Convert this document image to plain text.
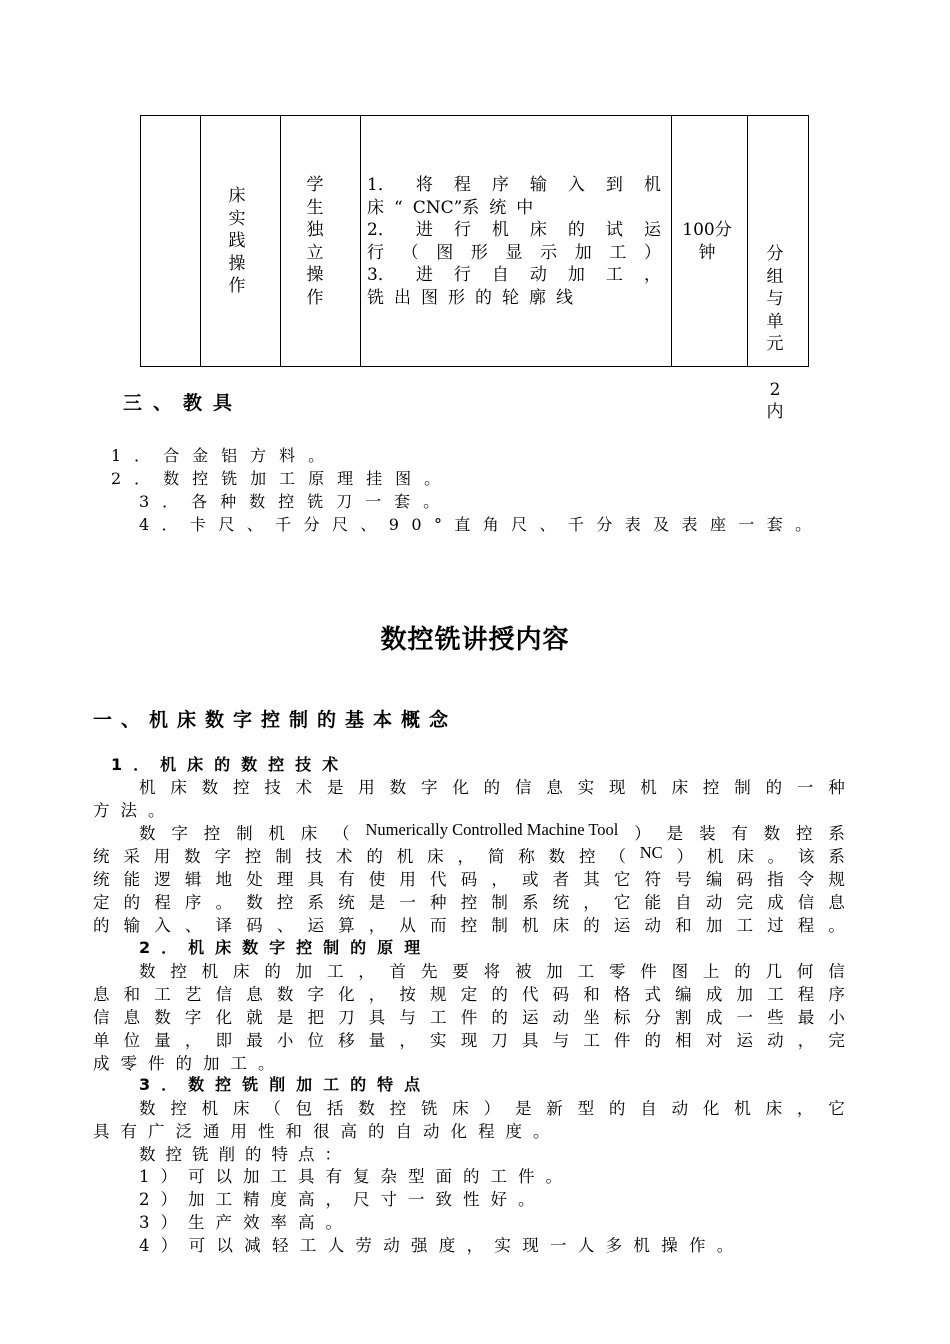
床
实
践
操
作
学
生
独
立
操
作
1． 将 程 序 输 入 到 机
床 “ CNC”系 统 中
2． 进 行 机 床 的 试 运
行 （ 图 形 显 示 加 工 ）
3． 进 行 自 动 加 工 ，
铣 出 图 形 的 轮 廓 线
100分
钟	分
组
与
单
元

2
内
三、教具
1．合金铝方料。
2．数控铣加工原理挂图。
3．各种数控铣刀一套。
4．卡尺、千分尺、90°直角尺、千分表及表座一套。
数控铣讲授内容
一、机床数字控制的基本概念
1．机床的数控技术
机 床 数 控 技 术 是 用 数 字 化 的 信 息 实 现 机 床 控 制 的 一 种
方法。
数 字 控 制 机 床 （ Numerically Controlled Machine Tool ） 是 装 有 数 控 系
统 采 用 数 字 控 制 技 术 的 机 床 ， 简 称 数 控 （ NC ） 机 床 。 该 系
统 能 逻 辑 地 处 理 具 有 使 用 代 码 ， 或 者 其 它 符 号 编 码 指 令 规
定 的 程 序 。 数 控 系 统 是 一 种 控 制 系 统 ， 它 能 自 动 完 成 信 息
的 输 入 、 译 码 、 运 算 ， 从 而 控 制 机 床 的 运 动 和 加 工 过 程 。
2．机床数字控制的原理
数 控 机 床 的 加 工 ， 首 先 要 将 被 加 工 零 件 图 上 的 几 何 信
息 和 工 艺 信 息 数 字 化 ， 按 规 定 的 代 码 和 格 式 编 成 加 工 程 序
信 息 数 字 化 就 是 把 刀 具 与 工 件 的 运 动 坐 标 分 割 成 一 些 最 小
单 位 量 ， 即 最 小 位 移 量 ， 实 现 刀 具 与 工 件 的 相 对 运 动 ， 完
成零件的加工。
3．数控铣削加工的特点
数 控 机 床 （ 包 括 数 控 铣 床 ） 是 新 型 的 自 动 化 机 床 ， 它
具有广泛通用性和很高的自动化程度。
数控铣削的特点：
1）可以加工具有复杂型面的工件。
2）加工精度高，尺寸一致性好。
3）生产效率高。
4）可以减轻工人劳动强度，实现一人多机操作。
